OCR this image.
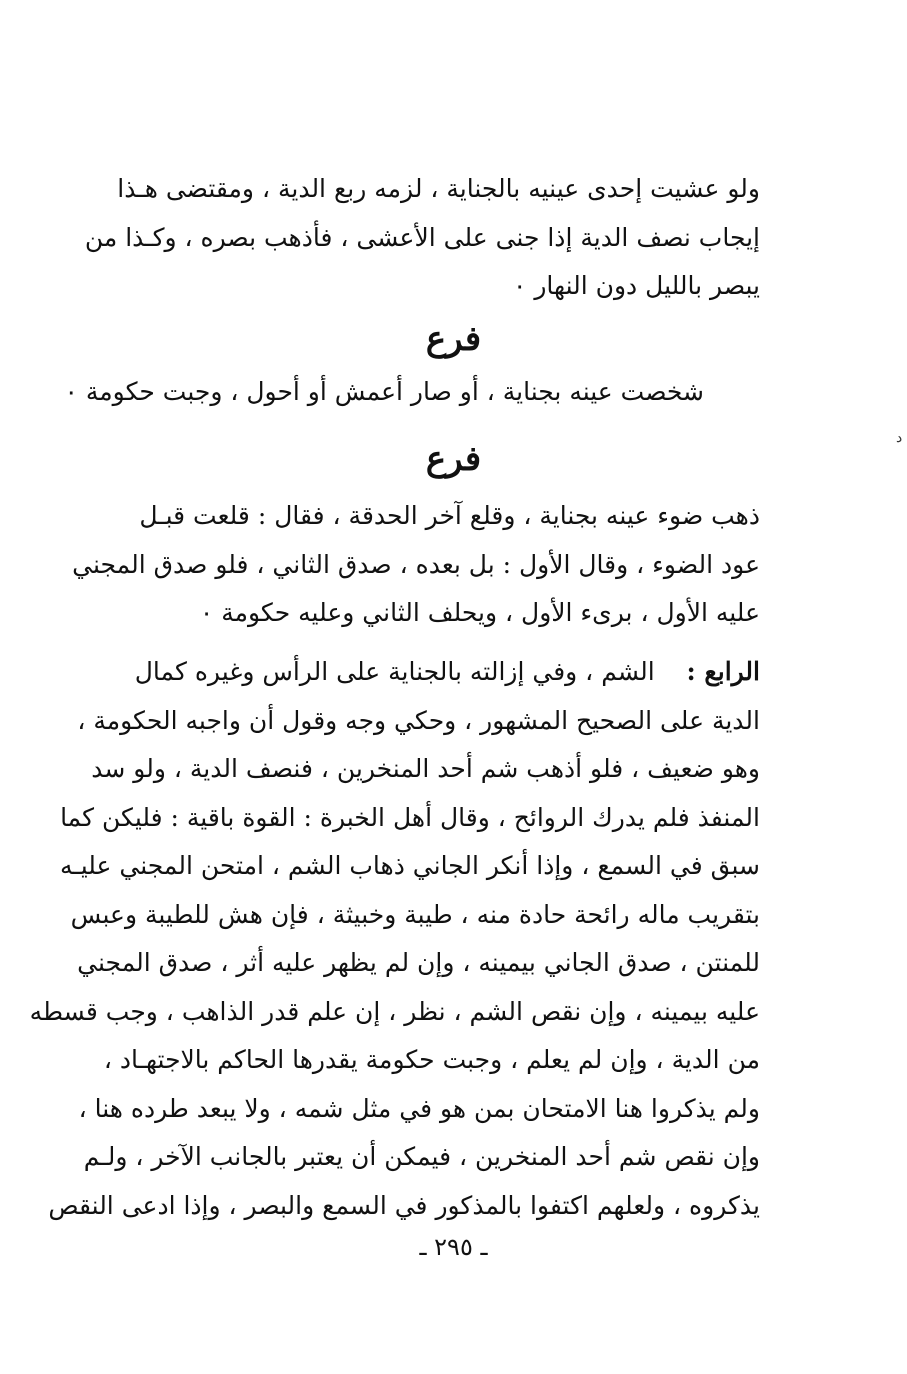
ولو عشيت إحدى عينيه بالجناية ، لزمه ربع الدية ، ومقتضى هـذا
إيجاب نصف الدية إذا جنى على الأعشى ، فأذهب بصره ، وكـذا من
يبصر بالليل دون النهار ٠
فرع
شخصت عينه بجناية ، أو صار أعمش أو أحول ، وجبت حكومة ٠
فرع
ذهب ضوء عينه بجناية ، وقلع آخر الحدقة ، فقال : قلعت قبـل
عود الضوء ، وقال الأول : بل بعده ، صدق الثاني ، فلو صدق المجني
عليه الأول ، برىء الأول ، ويحلف الثاني وعليه حكومة ٠
الرابع :    الشم ، وفي إزالته بالجناية على الرأس وغيره كمال
الدية على الصحيح المشهور ، وحكي وجه وقول أن واجبه الحكومة ،
وهو ضعيف ، فلو أذهب شم أحد المنخرين ، فنصف الدية ، ولو سد
المنفذ فلم يدرك الروائح ، وقال أهل الخبرة : القوة باقية : فليكن كما
سبق في السمع ، وإذا أنكر الجاني ذهاب الشم ، امتحن المجني عليـه
بتقريب ماله رائحة حادة منه ، طيبة وخبيثة ، فإن هش للطيبة وعبس
للمنتن ، صدق الجاني بيمينه ، وإن لم يظهر عليه أثر ، صدق المجني
عليه بيمينه ، وإن نقص الشم ، نظر ، إن علم قدر الذاهب ، وجب قسطه
من الدية ، وإن لم يعلم ، وجبت حكومة يقدرها الحاكم بالاجتهـاد ،
ولم يذكروا هنا الامتحان بمن هو في مثل شمه ، ولا يبعد طرده هنا ،
وإن نقص شم أحد المنخرين ، فيمكن أن يعتبر بالجانب الآخر ، ولـم
يذكروه ، ولعلهم اكتفوا بالمذكور في السمع والبصر ، وإذا ادعى النقص
ـ ٢٩٥ ـ
د
